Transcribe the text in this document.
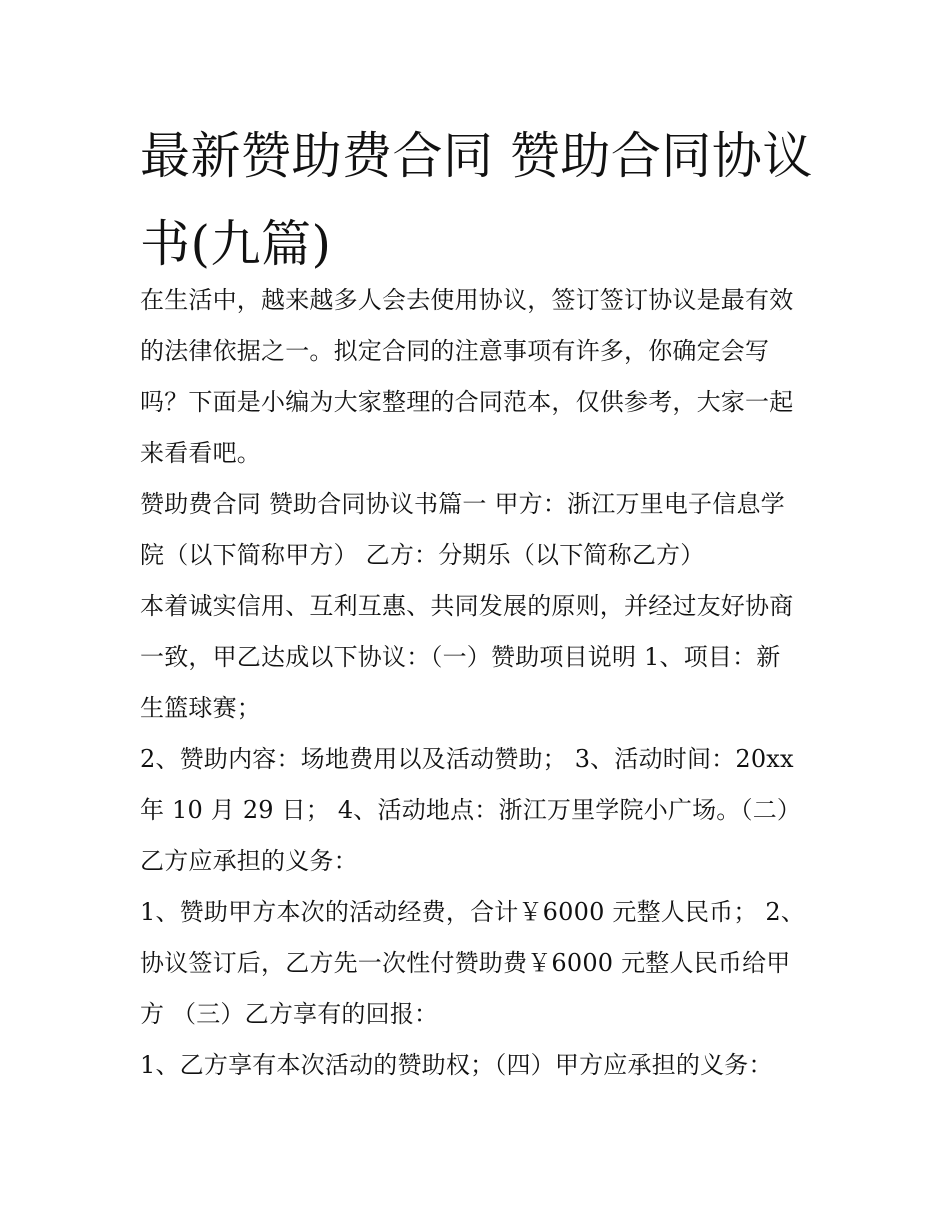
最新赞助费合同 赞助合同协议
书(九篇)
在生活中，越来越多人会去使用协议，签订签订协议是最有效
的法律依据之一。拟定合同的注意事项有许多，你确定会写
吗？下面是小编为大家整理的合同范本，仅供参考，大家一起
来看看吧。
赞助费合同 赞助合同协议书篇一 甲方：浙江万里电子信息学
院（以下简称甲方） 乙方：分期乐（以下简称乙方）
本着诚实信用、互利互惠、共同发展的原则，并经过友好协商
一致，甲乙达成以下协议：（一）赞助项目说明 1、项目：新
生篮球赛；
2、赞助内容：场地费用以及活动赞助； 3、活动时间：20xx
年 10 月 29 日； 4、活动地点：浙江万里学院小广场。（二）
乙方应承担的义务：
1、赞助甲方本次的活动经费，合计￥6000 元整人民币； 2、
协议签订后，乙方先一次性付赞助费￥6000 元整人民币给甲
方 （三）乙方享有的回报：
1、乙方享有本次活动的赞助权；（四）甲方应承担的义务：
